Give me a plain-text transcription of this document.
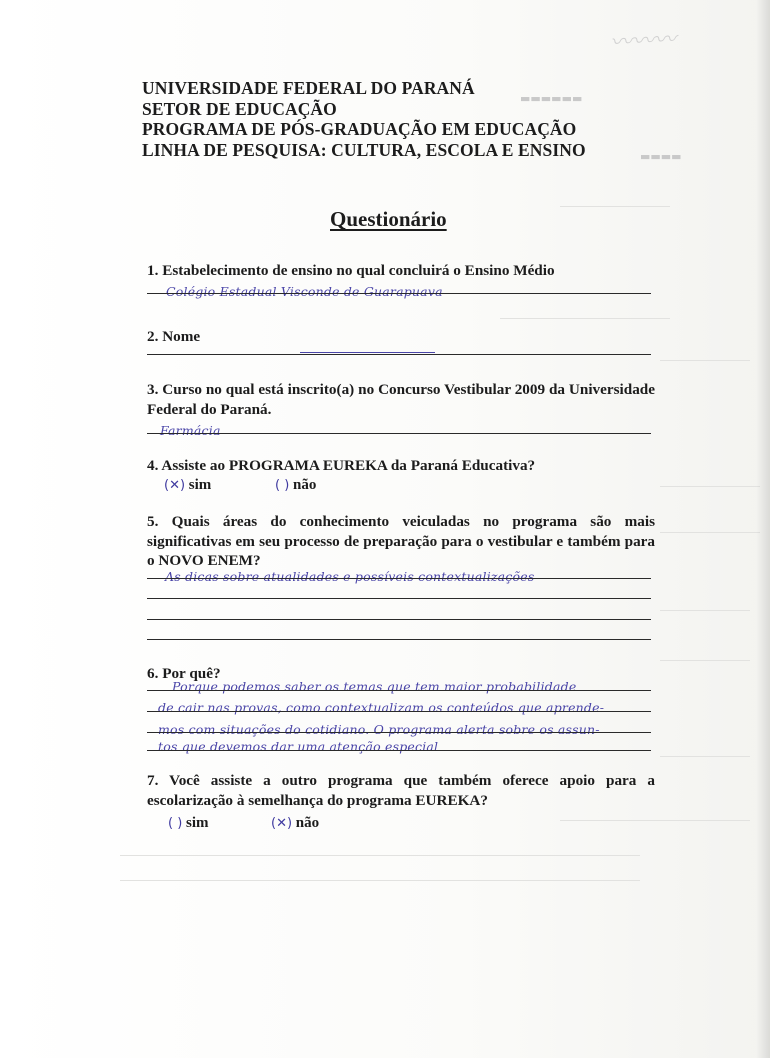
〰〰〰
▬▬▬▬▬▬
▬▬▬▬
UNIVERSIDADE FEDERAL DO PARANÁ
SETOR DE EDUCAÇÃO
PROGRAMA DE PÓS-GRADUAÇÃO EM EDUCAÇÃO
LINHA DE PESQUISA: CULTURA, ESCOLA E ENSINO
Questionário
1. Estabelecimento de ensino no qual concluirá o Ensino Médio
Colégio Estadual Visconde de Guarapuava
2. Nome
3. Curso no qual está inscrito(a) no Concurso Vestibular 2009 da Universidade Federal do Paraná.
Farmácia
4. Assiste ao PROGRAMA EUREKA da Paraná Educativa?
(✕) sim	( ) não
5. Quais áreas do conhecimento veiculadas no programa são mais significativas em seu processo de preparação para o vestibular e também para o NOVO ENEM?
As dicas sobre atualidades e possíveis contextualizações
6. Por quê?
Porque podemos saber os temas que tem maior probabilidade
de cair nas provas, como contextualizam os conteúdos que aprende-
mos com situações do cotidiano. O programa alerta sobre os assun-
tos que devemos dar uma atenção especial
7. Você assiste a outro programa que também oferece apoio para a escolarização à semelhança do programa EUREKA?
( ) sim	(✕) não
